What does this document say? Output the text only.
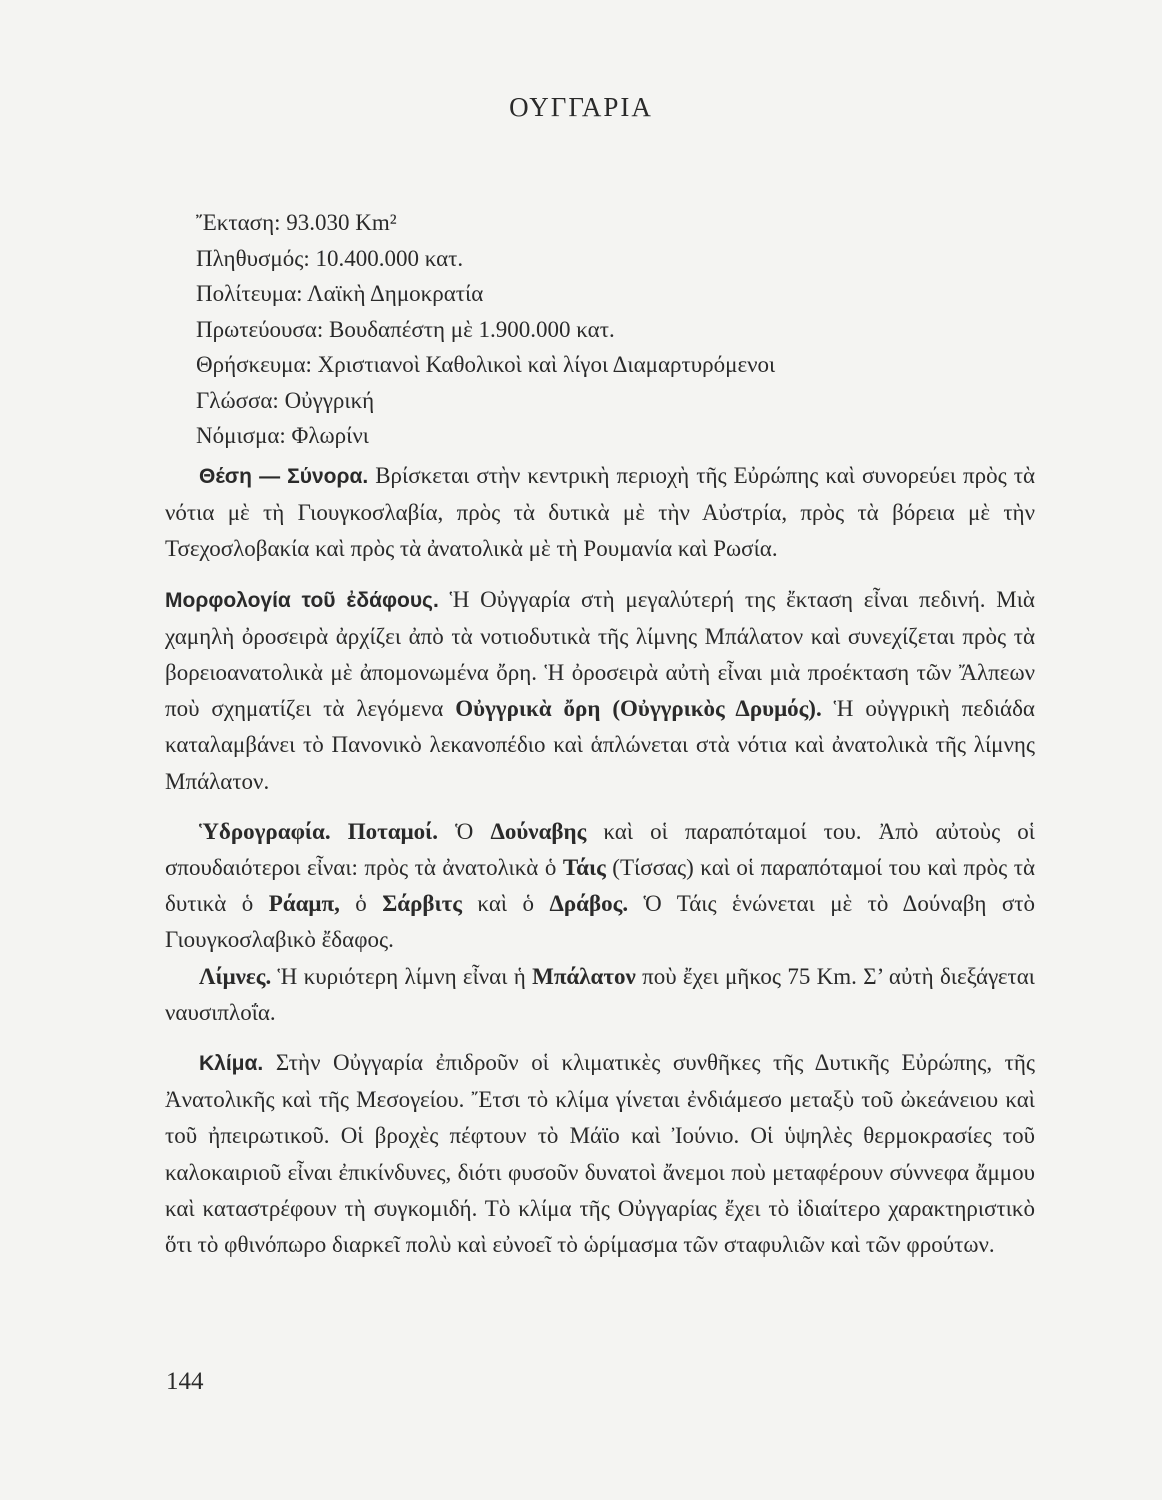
ΟΥΓΓΑΡΙΑ
Ἔκταση: 93.030 Km²
Πληθυσμός: 10.400.000 κατ.
Πολίτευμα: Λαϊκὴ Δημοκρατία
Πρωτεύουσα: Βουδαπέστη μὲ 1.900.000 κατ.
Θρήσκευμα: Χριστιανοὶ Καθολικοὶ καὶ λίγοι Διαμαρτυρόμενοι
Γλώσσα: Οὐγγρική
Νόμισμα: Φλωρίνι

Θέση — Σύνορα. Βρίσκεται στὴν κεντρικὴ περιοχὴ τῆς Εὐρώπης καὶ συνορεύει πρὸς τὰ νότια μὲ τὴ Γιουγκοσλαβία, πρὸς τὰ δυτικὰ μὲ τὴν Αὐστρία, πρὸς τὰ βόρεια μὲ τὴν Τσεχοσλοβακία καὶ πρὸς τὰ ἀνατολικὰ μὲ τὴ Ρουμανία καὶ Ρωσία.

Μορφολογία τοῦ ἐδάφους. Ἡ Οὐγγαρία στὴ μεγαλύτερή της ἔκταση εἶναι πεδινή. Μιὰ χαμηλὴ ὀροσειρὰ ἀρχίζει ἀπὸ τὰ νοτιοδυτικὰ τῆς λίμνης Μπάλατον καὶ συνεχίζεται πρὸς τὰ βορειοανατολικὰ μὲ ἀπομονωμένα ὄρη. Ἡ ὀροσειρὰ αὐτὴ εἶναι μιὰ προέκταση τῶν Ἄλπεων ποὺ σχηματίζει τὰ λεγόμενα Οὐγγρικὰ ὄρη (Οὐγγρικὸς Δρυμός). Ἡ οὐγγρικὴ πεδιάδα καταλαμβάνει τὸ Πανονικὸ λεκανοπέδιο καὶ ἁπλώνεται στὰ νότια καὶ ἀνατολικὰ τῆς λίμνης Μπάλατον.

Ὑδρογραφία. Ποταμοί. Ὁ Δούναβης καὶ οἱ παραπόταμοί του. Ἀπὸ αὐτοὺς οἱ σπουδαιότεροι εἶναι: πρὸς τὰ ἀνατολικὰ ὁ Τάις (Τίσσας) καὶ οἱ παραπόταμοί του καὶ πρὸς τὰ δυτικὰ ὁ Ράαμπ, ὁ Σάρβιτς καὶ ὁ Δράβος. Ὁ Τάις ἑνώνεται μὲ τὸ Δούναβη στὸ Γιουγκοσλαβικὸ ἔδαφος.

Λίμνες. Ἡ κυριότερη λίμνη εἶναι ἡ Μπάλατον ποὺ ἔχει μῆκος 75 Km. Σ’ αὐτὴ διεξάγεται ναυσιπλοΐα.

Κλίμα. Στὴν Οὐγγαρία ἐπιδροῦν οἱ κλιματικὲς συνθῆκες τῆς Δυτικῆς Εὐρώπης, τῆς Ἀνατολικῆς καὶ τῆς Μεσογείου. Ἔτσι τὸ κλίμα γίνεται ἐνδιάμεσο μεταξὺ τοῦ ὠκεάνειου καὶ τοῦ ἠπειρωτικοῦ. Οἱ βροχὲς πέφτουν τὸ Μάϊο καὶ Ἰούνιο. Οἱ ὑψηλὲς θερμοκρασίες τοῦ καλοκαιριοῦ εἶναι ἐπικίνδυνες, διότι φυσοῦν δυνατοὶ ἄνεμοι ποὺ μεταφέρουν σύννεφα ἄμμου καὶ καταστρέφουν τὴ συγκομιδή. Τὸ κλίμα τῆς Οὐγγαρίας ἔχει τὸ ἰδιαίτερο χαρακτηριστικὸ ὅτι τὸ φθινόπωρο διαρκεῖ πολὺ καὶ εὐνοεῖ τὸ ὡρίμασμα τῶν σταφυλιῶν καὶ τῶν φρούτων.

144
